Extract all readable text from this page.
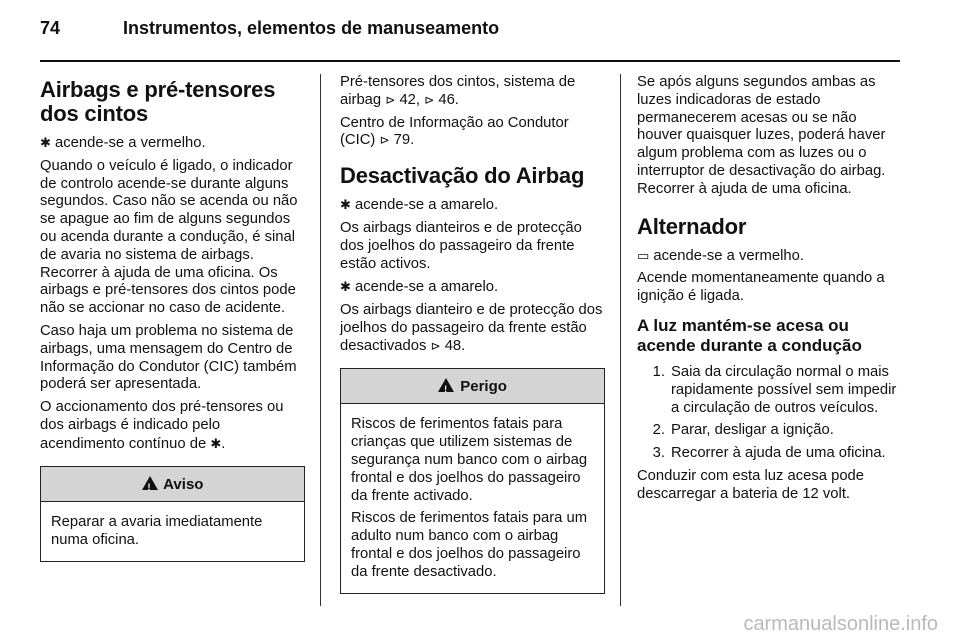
74	Instrumentos, elementos de manuseamento
Airbags e pré-tensores dos cintos

✱ acende-se a vermelho.

Quando o veículo é ligado, o indicador de controlo acende-se durante alguns segundos. Caso não se acenda ou não se apague ao fim de alguns segundos ou acenda durante a condução, é sinal de avaria no sistema de airbags. Recorrer à ajuda de uma oficina. Os airbags e pré-tensores dos cintos pode não se accionar no caso de acidente.

Caso haja um problema no sistema de airbags, uma mensagem do Centro de Informação do Condutor (CIC) também poderá ser apresentada.

O accionamento dos pré-tensores ou dos airbags é indicado pelo acendimento contínuo de ✱.

! Aviso

Reparar a avaria imediatamente numa oficina.

Pré-tensores dos cintos, sistema de airbag ⊳ 42, ⊳ 46.

Centro de Informação ao Condutor (CIC) ⊳ 79.

Desactivação do Airbag

✱ acende-se a amarelo.

Os airbags dianteiros e de protecção dos joelhos do passageiro da frente estão activos.

✱ acende-se a amarelo.

Os airbags dianteiro e de protecção dos joelhos do passageiro da frente estão desactivados ⊳ 48.

! Perigo

Riscos de ferimentos fatais para crianças que utilizem sistemas de segurança num banco com o airbag frontal e dos joelhos do passageiro da frente activado.

Riscos de ferimentos fatais para um adulto num banco com o airbag frontal e dos joelhos do passageiro da frente desactivado.

Se após alguns segundos ambas as luzes indicadoras de estado permanecerem acesas ou se não houver quaisquer luzes, poderá haver algum problema com as luzes ou o interruptor de desactivação do airbag. Recorrer à ajuda de uma oficina.

Alternador

▭ acende-se a vermelho.

Acende momentaneamente quando a ignição é ligada.

A luz mantém-se acesa ou acende durante a condução
1. Saia da circulação normal o mais rapidamente possível sem impedir a circulação de outros veículos.
2. Parar, desligar a ignição.
3. Recorrer à ajuda de uma oficina.

Conduzir com esta luz acesa pode descarregar a bateria de 12 volt.

carmanualsonline.info
